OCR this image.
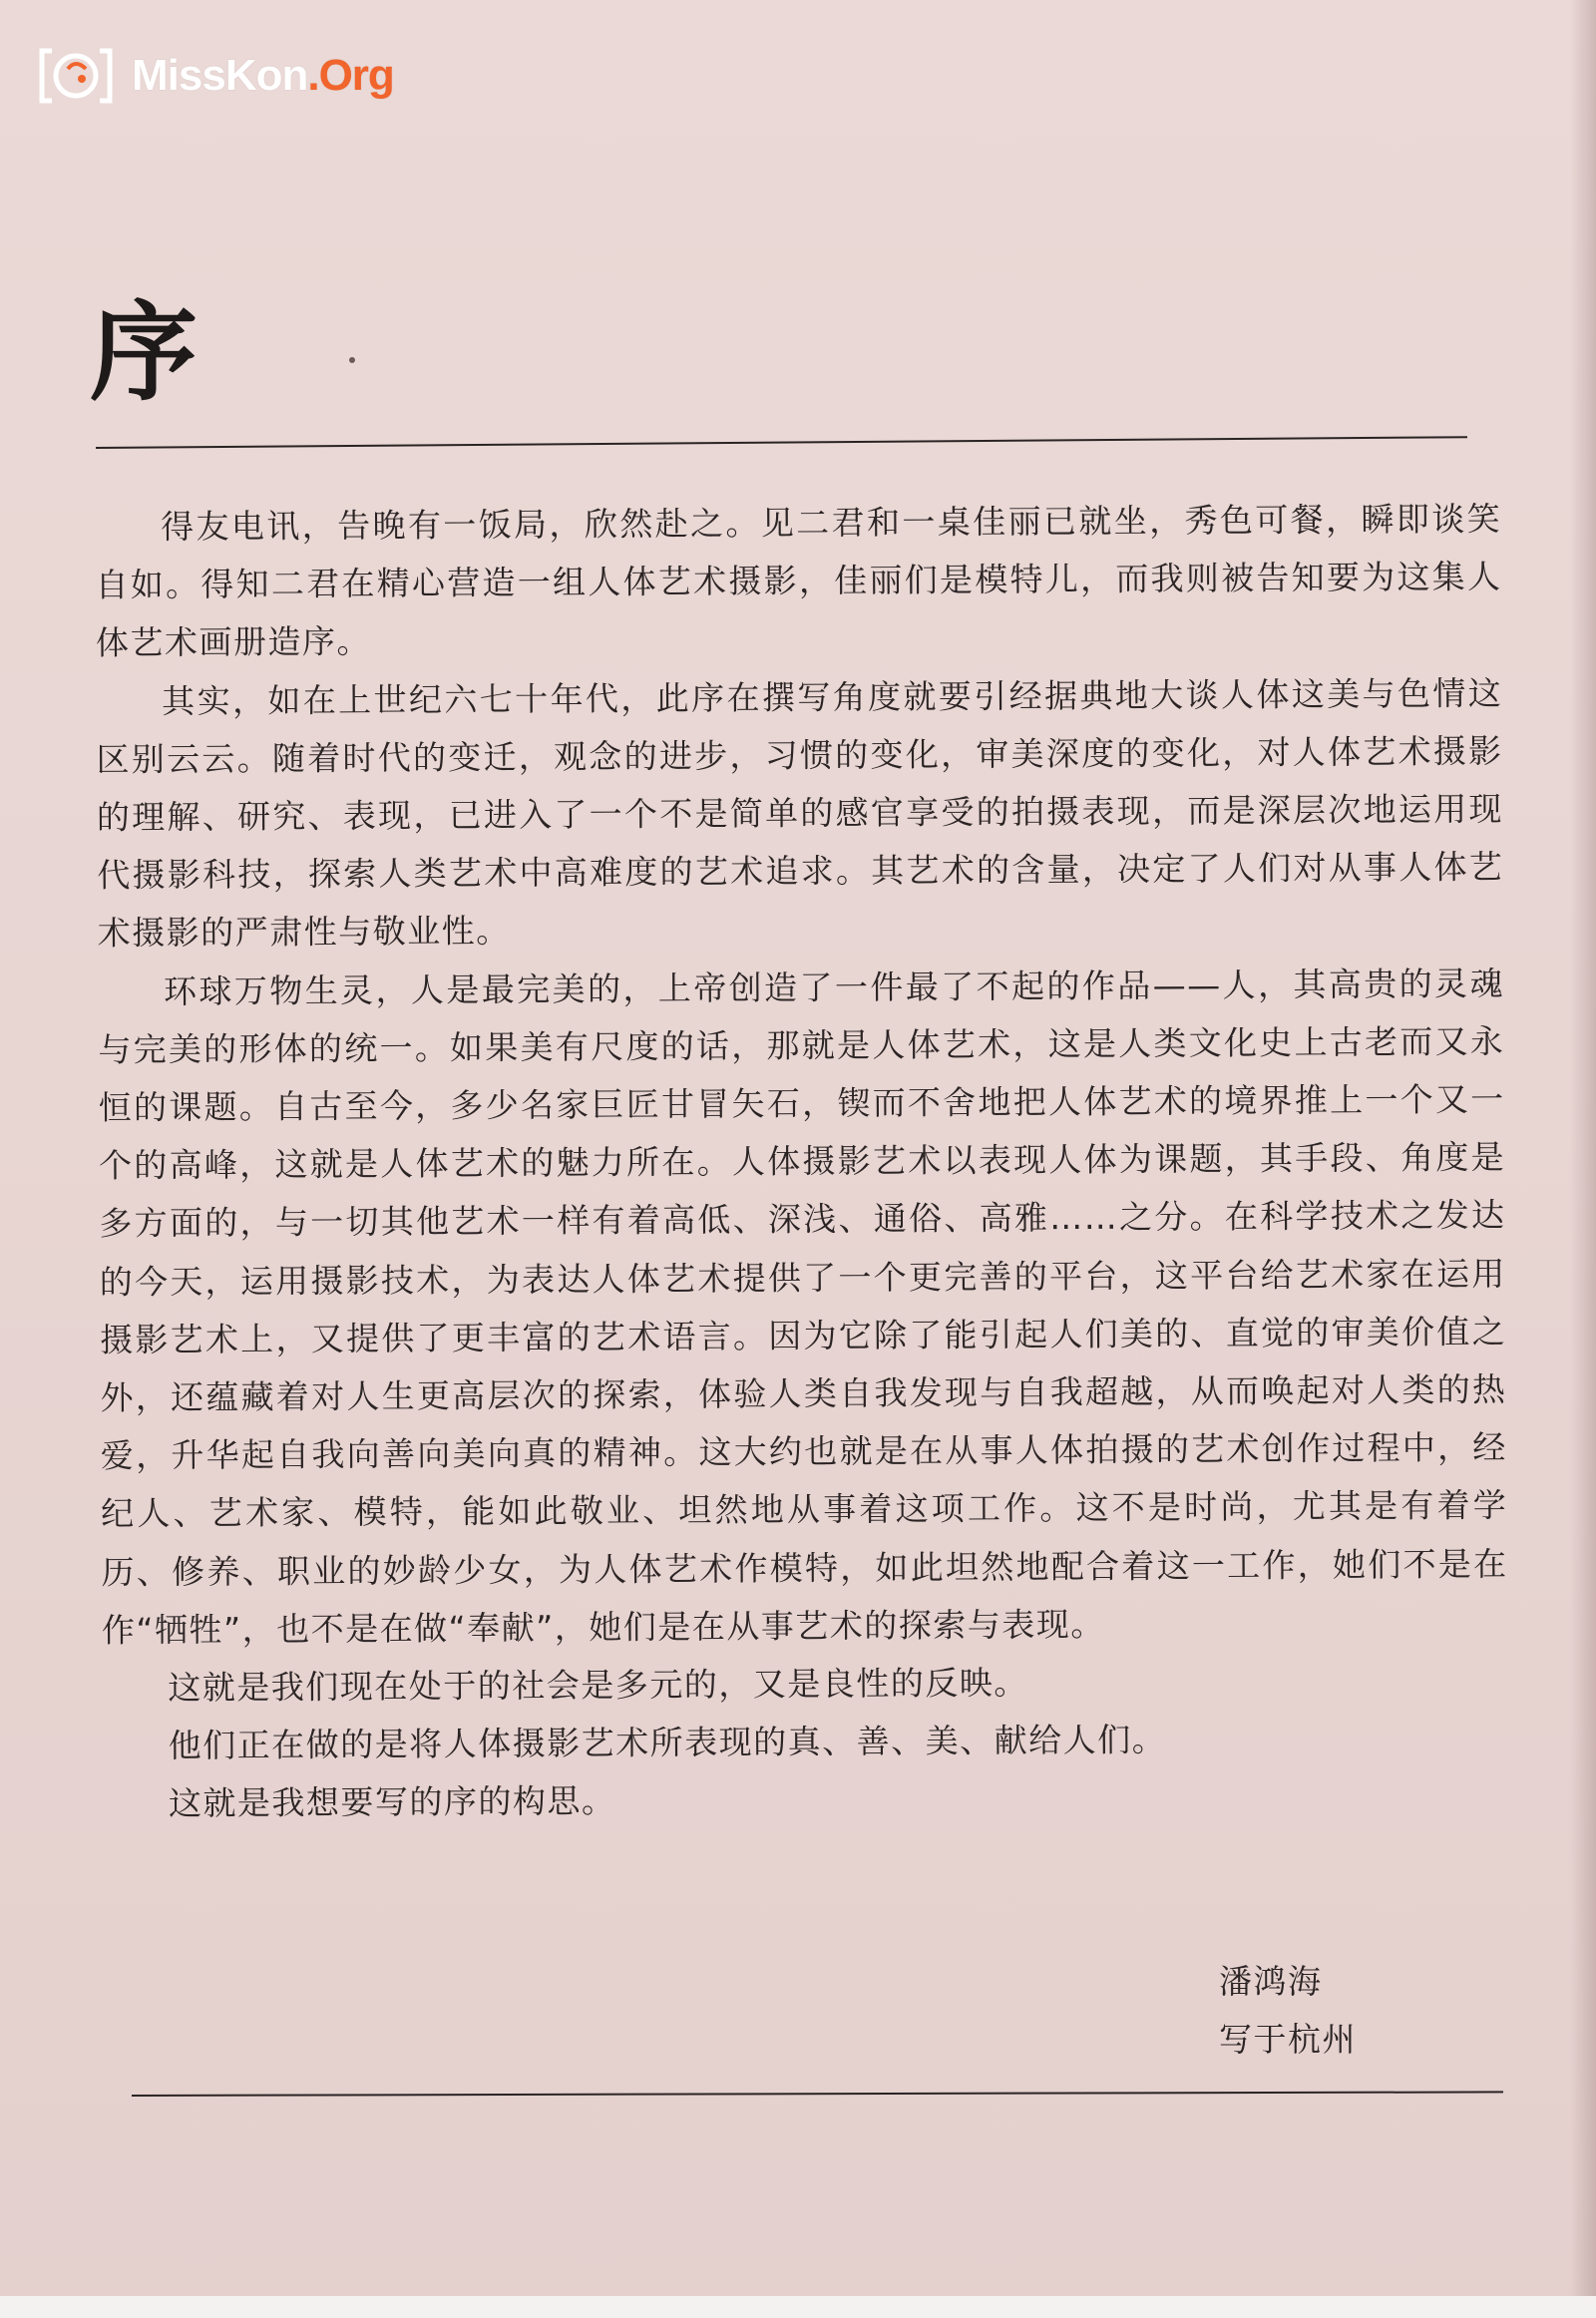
MissKon.Org
序

得友电讯，告晚有一饭局，欣然赴之。见二君和一桌佳丽已就坐，秀色可餐，瞬即谈笑自如。得知二君在精心营造一组人体艺术摄影，佳丽们是模特儿，而我则被告知要为这集人体艺术画册造序。

其实，如在上世纪六七十年代，此序在撰写角度就要引经据典地大谈人体这美与色情这区别云云。随着时代的变迁，观念的进步，习惯的变化，审美深度的变化，对人体艺术摄影的理解、研究、表现，已进入了一个不是简单的感官享受的拍摄表现，而是深层次地运用现代摄影科技，探索人类艺术中高难度的艺术追求。其艺术的含量，决定了人们对从事人体艺术摄影的严肃性与敬业性。

环球万物生灵，人是最完美的，上帝创造了一件最了不起的作品——人，其高贵的灵魂与完美的形体的统一。如果美有尺度的话，那就是人体艺术，这是人类文化史上古老而又永恒的课题。自古至今，多少名家巨匠甘冒矢石，锲而不舍地把人体艺术的境界推上一个又一个的高峰，这就是人体艺术的魅力所在。人体摄影艺术以表现人体为课题，其手段、角度是多方面的，与一切其他艺术一样有着高低、深浅、通俗、高雅……之分。在科学技术之发达的今天，运用摄影技术，为表达人体艺术提供了一个更完善的平台，这平台给艺术家在运用摄影艺术上，又提供了更丰富的艺术语言。因为它除了能引起人们美的、直觉的审美价值之外，还蕴藏着对人生更高层次的探索，体验人类自我发现与自我超越，从而唤起对人类的热爱，升华起自我向善向美向真的精神。这大约也就是在从事人体拍摄的艺术创作过程中，经纪人、艺术家、模特，能如此敬业、坦然地从事着这项工作。这不是时尚，尤其是有着学历、修养、职业的妙龄少女，为人体艺术作模特，如此坦然地配合着这一工作，她们不是在作“牺牲”，也不是在做“奉献”，她们是在从事艺术的探索与表现。

这就是我们现在处于的社会是多元的，又是良性的反映。

他们正在做的是将人体摄影艺术所表现的真、善、美、献给人们。

这就是我想要写的序的构思。

潘鸿海
写于杭州
